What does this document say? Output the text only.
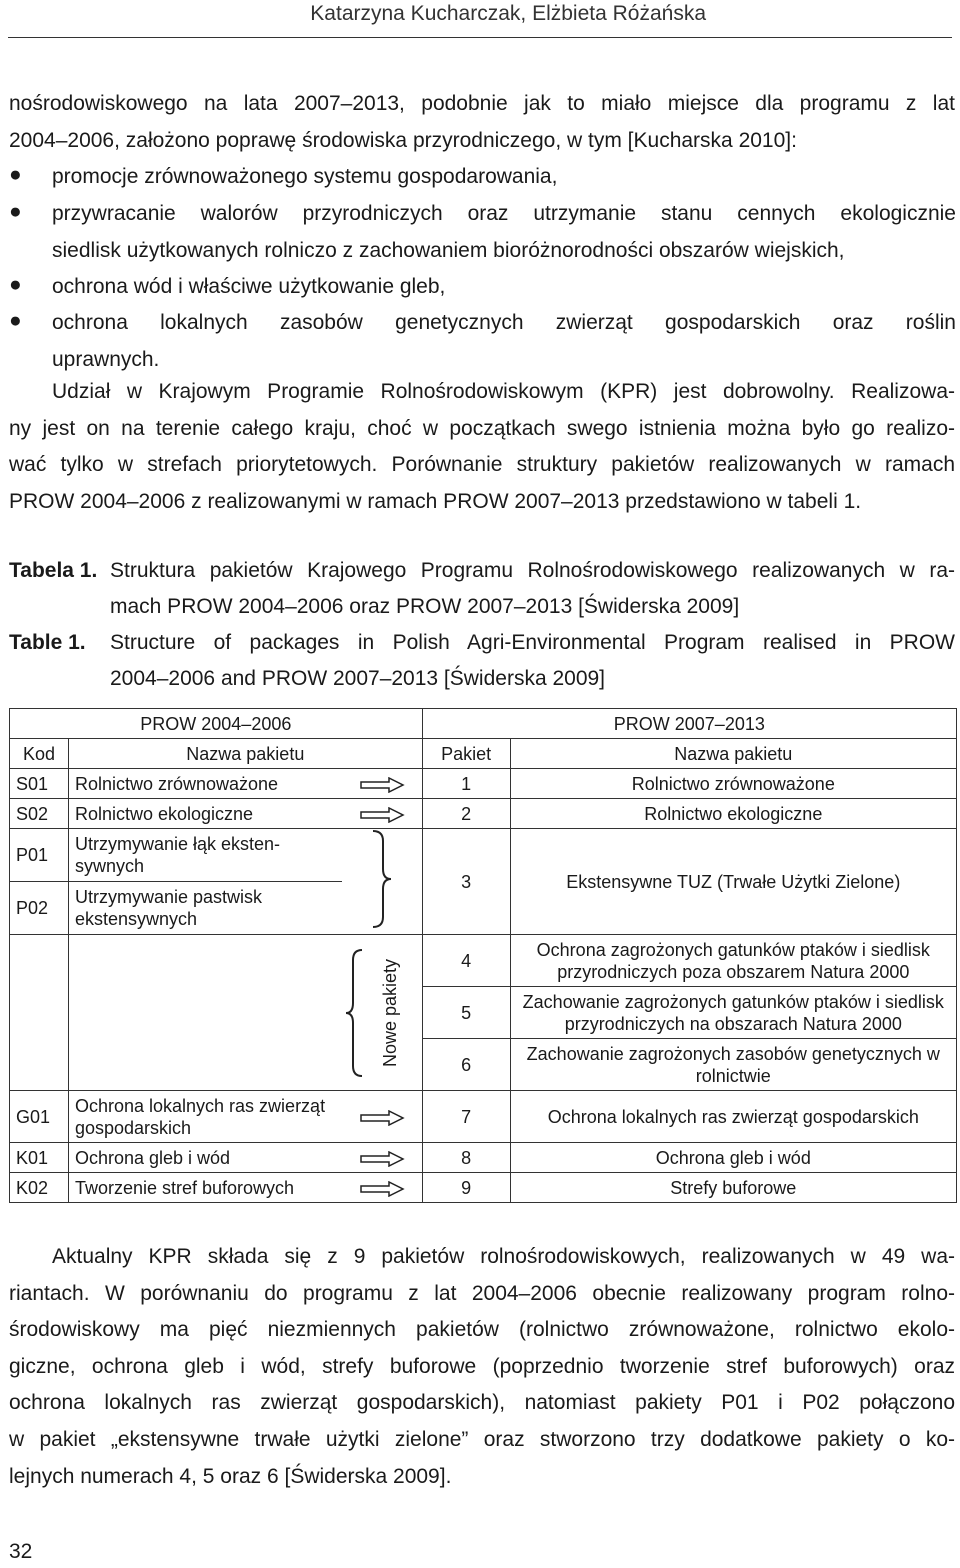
Katarzyna Kucharczak, Elżbieta Różańska
nośrodowiskowego na lata 2007–2013, podobnie jak to miało miejsce dla programu z lat
2004–2006, założono poprawę środowiska przyrodniczego, w tym [Kucharska 2010]:
● promocje zrównoważonego systemu gospodarowania,
● przywracanie walorów przyrodniczych oraz utrzymanie stanu cennych ekologicznie
siedlisk użytkowanych rolniczo z zachowaniem bioróżnorodności obszarów wiejskich,
● ochrona wód i właściwe użytkowanie gleb,
● ochrona lokalnych zasobów genetycznych zwierząt gospodarskich oraz roślin
uprawnych.
Udział w Krajowym Programie Rolnośrodowiskowym (KPR) jest dobrowolny. Realizowa-
ny jest on na terenie całego kraju, choć w początkach swego istnienia można było go realizo-
wać tylko w strefach priorytetowych. Porównanie struktury pakietów realizowanych w ramach
PROW 2004–2006 z realizowanymi w ramach PROW 2007–2013 przedstawiono w tabeli 1.
Tabela 1. Struktura pakietów Krajowego Programu Rolnośrodowiskowego realizowanych w ra-
mach PROW 2004–2006 oraz PROW 2007–2013 [Świderska 2009]
Table 1. Structure of packages in Polish Agri-Environmental Program realised in PROW
2004–2006 and PROW 2007–2013 [Świderska 2009]
PROW 2004–2006			PROW 2007–2013	
Kod	Nazwa pakietu		Pakiet	Nazwa pakietu
S01	Rolnictwo zrównoważone		1	Rolnictwo zrównoważone
S02	Rolnictwo ekologiczne		2	Rolnictwo ekologiczne
P01	Utrzymywanie łąk eksten-sywnych		3	Ekstensywne TUZ (Trwałe Użytki Zielone)
P02	Utrzymywanie pastwisk ekstensywnych			

		Nowe pakiety	4	Ochrona zagrożonych gatunków ptaków i siedlisk przyrodniczych poza obszarem Natura 2000
			5	Zachowanie zagrożonych gatunków ptaków i siedlisk przyrodniczych na obszarach Natura 2000
			6	Zachowanie zagrożonych zasobów genetycznych w rolnictwie
G01	Ochrona lokalnych ras zwierząt gospodarskich		7	Ochrona lokalnych ras zwierząt gospodarskich
K01	Ochrona gleb i wód		8	Ochrona gleb i wód
K02	Tworzenie stref buforowych		9	Strefy buforowe
Aktualny KPR składa się z 9 pakietów rolnośrodowiskowych, realizowanych w 49 wa-
riantach. W porównaniu do programu z lat 2004–2006 obecnie realizowany program rolno-
środowiskowy ma pięć niezmiennych pakietów (rolnictwo zrównoważone, rolnictwo ekolo-
giczne, ochrona gleb i wód, strefy buforowe (poprzednio tworzenie stref buforowych) oraz
ochrona lokalnych ras zwierząt gospodarskich), natomiast pakiety P01 i P02 połączono
w pakiet „ekstensywne trwałe użytki zielone” oraz stworzono trzy dodatkowe pakiety o ko-
lejnych numerach 4, 5 oraz 6 [Świderska 2009].
32
